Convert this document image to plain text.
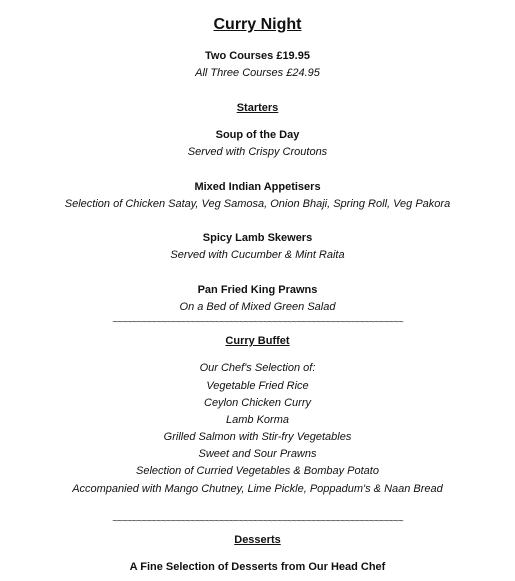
Curry Night
Two Courses £19.95
All Three Courses £24.95
Starters
Soup of the Day
Served with Crispy Croutons
Mixed Indian Appetisers
Selection of Chicken Satay, Veg Samosa, Onion Bhaji, Spring Roll, Veg Pakora
Spicy Lamb Skewers
Served with Cucumber & Mint Raita
Pan Fried King Prawns
On a Bed of Mixed Green Salad
~~~~~~~~~~~~~~~~~~~~~~~~~~~~~~~~~~~~~~~~~~~~~~~~~~~~~~~~~~~~
Curry Buffet
Our Chef's Selection of:
Vegetable Fried Rice
Ceylon Chicken Curry
Lamb Korma
Grilled Salmon with Stir-fry Vegetables
Sweet and Sour Prawns
Selection of Curried Vegetables & Bombay Potato
Accompanied with Mango Chutney, Lime Pickle, Poppadum's & Naan Bread
~~~~~~~~~~~~~~~~~~~~~~~~~~~~~~~~~~~~~~~~~~~~~~~~~~~~~~~~~~~~
Desserts
A Fine Selection of Desserts from Our Head Chef
